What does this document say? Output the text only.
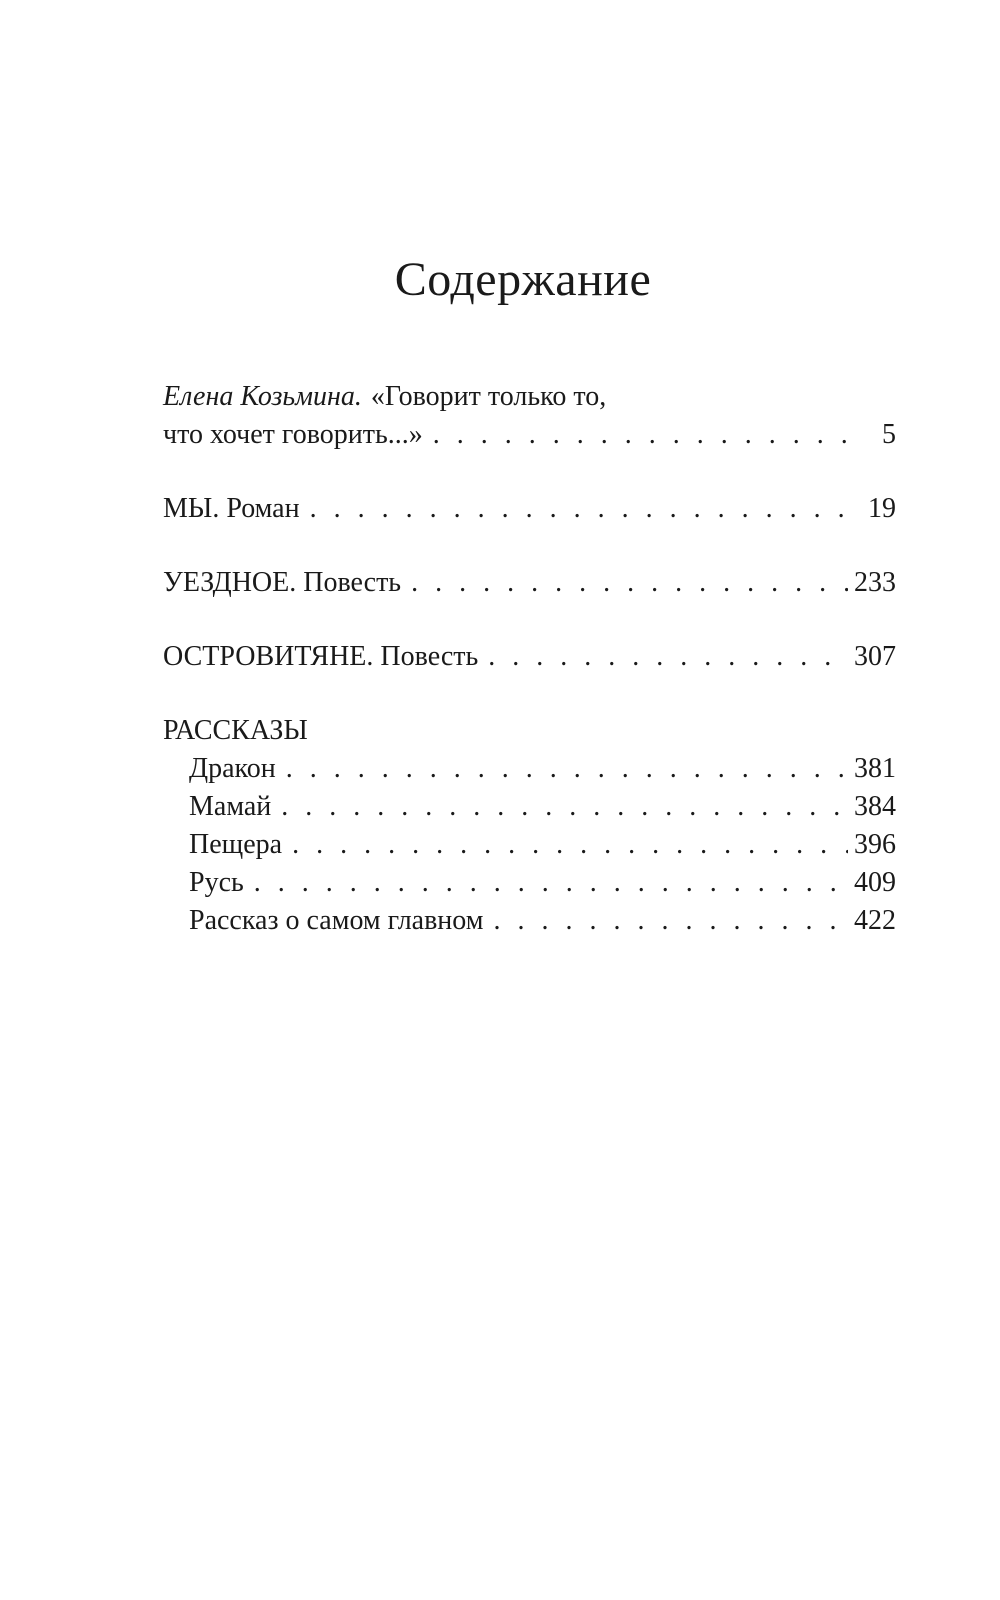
Содержание
Елена Козьмина. «Говорит только то,
что хочет говорить...» . . .	5
МЫ. Роман . . .	19
УЕЗДНОЕ. Повесть . . .	233
ОСТРОВИТЯНЕ. Повесть . . .	307
РАССКАЗЫ
Дракон . . .	381
Мамай . . .	384
Пещера . . .	396
Русь . . .	409
Рассказ о самом главном . . .	422
